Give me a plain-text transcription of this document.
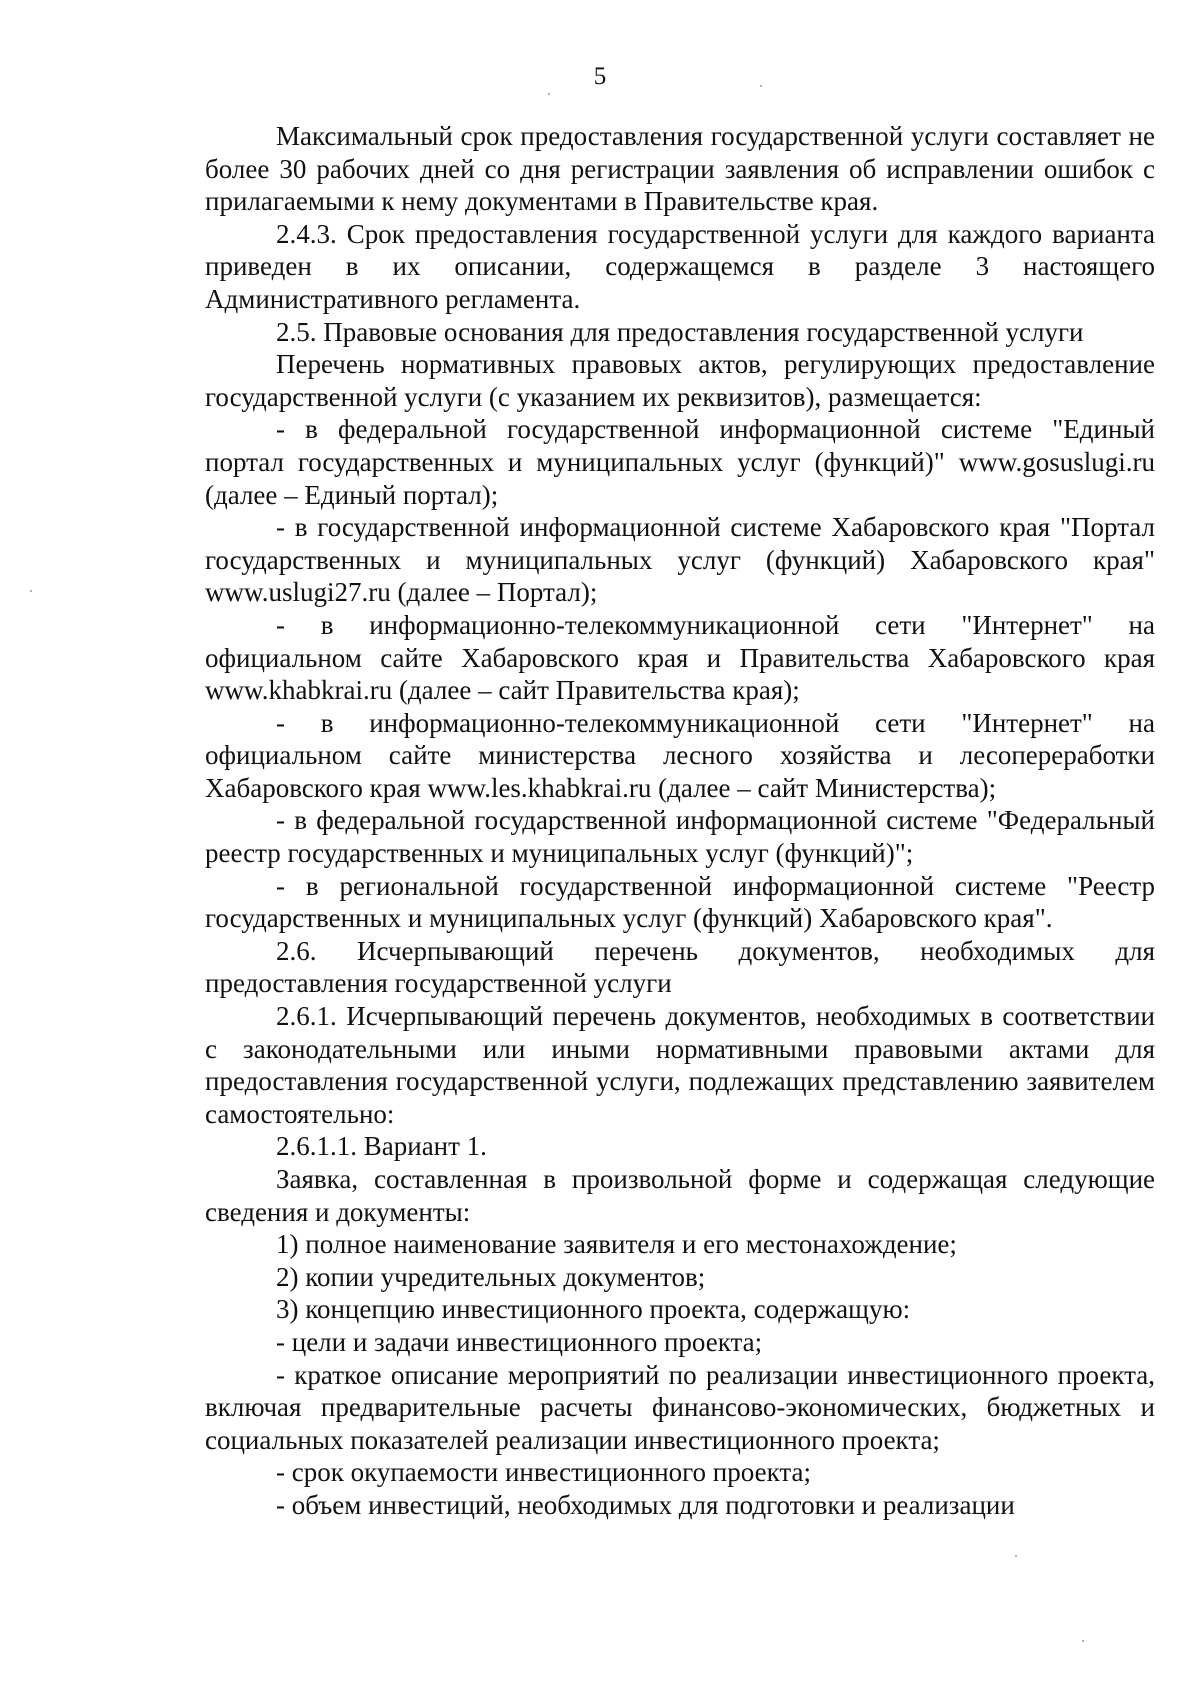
5

Максимальный срок предоставления государственной услуги составляет не более 30 рабочих дней со дня регистрации заявления об исправлении ошибок с прилагаемыми к нему документами в Правительстве края.

2.4.3. Срок предоставления государственной услуги для каждого варианта приведен в их описании, содержащемся в разделе 3 настоящего Административного регламента.

2.5. Правовые основания для предоставления государственной услуги

Перечень нормативных правовых актов, регулирующих предоставление государственной услуги (с указанием их реквизитов), размещается:

- в федеральной государственной информационной системе "Единый портал государственных и муниципальных услуг (функций)" www.gosuslugi.ru (далее – Единый портал);

- в государственной информационной системе Хабаровского края "Портал государственных и муниципальных услуг (функций) Хабаровского края" www.uslugi27.ru (далее – Портал);

- в информационно-телекоммуникационной сети "Интернет" на официальном сайте Хабаровского края и Правительства Хабаровского края www.khabkrai.ru (далее – сайт Правительства края);

- в информационно-телекоммуникационной сети "Интернет" на официальном сайте министерства лесного хозяйства и лесопереработки Хабаровского края www.les.khabkrai.ru (далее – сайт Министерства);

- в федеральной государственной информационной системе "Федеральный реестр государственных и муниципальных услуг (функций)";

- в региональной государственной информационной системе "Реестр государственных и муниципальных услуг (функций) Хабаровского края".

2.6. Исчерпывающий перечень документов, необходимых для предоставления государственной услуги

2.6.1. Исчерпывающий перечень документов, необходимых в соответствии с законодательными или иными нормативными правовыми актами для предоставления государственной услуги, подлежащих представлению заявителем самостоятельно:

2.6.1.1. Вариант 1.

Заявка, составленная в произвольной форме и содержащая следующие сведения и документы:

1) полное наименование заявителя и его местонахождение;

2) копии учредительных документов;

3) концепцию инвестиционного проекта, содержащую:

- цели и задачи инвестиционного проекта;

- краткое описание мероприятий по реализации инвестиционного проекта, включая предварительные расчеты финансово-экономических, бюджетных и социальных показателей реализации инвестиционного проекта;

- срок окупаемости инвестиционного проекта;

- объем инвестиций, необходимых для подготовки и реализации
